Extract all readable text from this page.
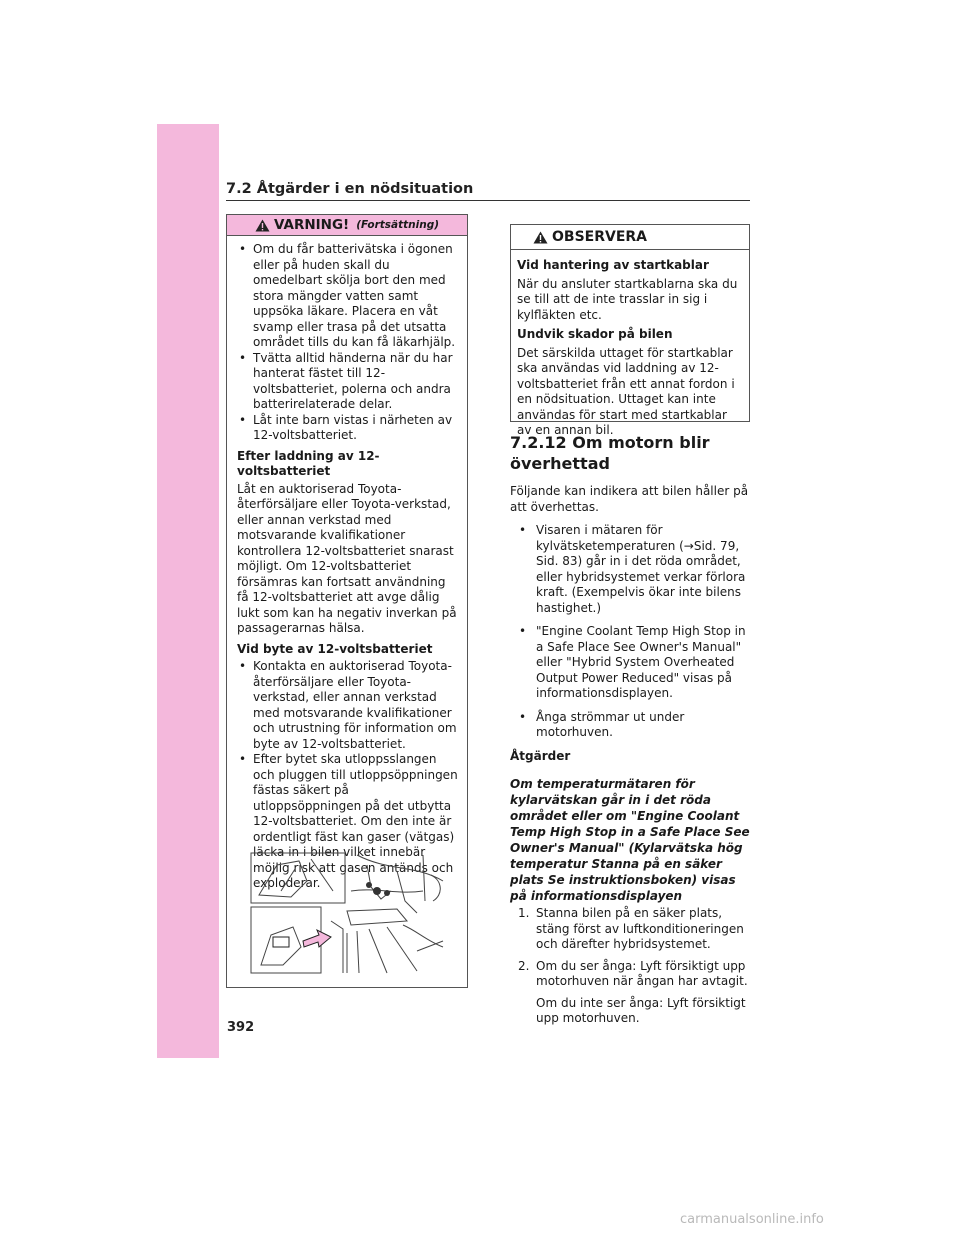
7.2 Åtgärder i en nödsituation
VARNING! (Fortsättning)
• Om du får batterivätska i ögonen eller på huden skall du omedelbart skölja bort den med stora mängder vatten samt uppsöka läkare. Placera en våt svamp eller trasa på det utsatta området tills du kan få läkarhjälp.
• Tvätta alltid händerna när du har hanterat fästet till 12-voltsbatteriet, polerna och andra batterirelaterade delar.
• Låt inte barn vistas i närheten av 12-voltsbatteriet.
Efter laddning av 12-voltsbatteriet

Låt en auktoriserad Toyota-återförsäljare eller Toyota-verkstad, eller annan verkstad med motsvarande kvalifikationer kontrollera 12-voltsbatteriet snarast möjligt. Om 12-voltsbatteriet försämras kan fortsatt användning få 12-voltsbatteriet att avge dålig lukt som kan ha negativ inverkan på passagerarnas hälsa.

Vid byte av 12-voltsbatteriet
• Kontakta en auktoriserad Toyota-återförsäljare eller Toyota-verkstad, eller annan verkstad med motsvarande kvalifikationer och utrustning för information om byte av 12-voltsbatteriet.
• Efter bytet ska utloppsslangen och pluggen till utloppsöppningen fästas säkert på utloppsöppningen på det utbytta 12-voltsbatteriet. Om den inte är ordentligt fäst kan gaser (vätgas) läcka in i bilen vilket innebär möjlig risk att gasen antänds och exploderar.
OBSERVERA
Vid hantering av startkablar

När du ansluter startkablarna ska du se till att de inte trasslar in sig i kylfläkten etc.

Undvik skador på bilen

Det särskilda uttaget för startkablar ska användas vid laddning av 12-voltsbatteriet från ett annat fordon i en nödsituation. Uttaget kan inte användas för start med startkablar av en annan bil.

7.2.12 Om motorn blir överhettad

Följande kan indikera att bilen håller på att överhettas.

• Visaren i mätaren för kylvätsketemperaturen (→Sid. 79, Sid. 83) går in i det röda området, eller hybridsystemet verkar förlora kraft. (Exempelvis ökar inte bilens hastighet.)
• "Engine Coolant Temp High Stop in a Safe Place See Owner's Manual" eller "Hybrid System Overheated Output Power Reduced" visas på informationsdisplayen.
• Ånga strömmar ut under motorhuven.
Åtgärder
Om temperaturmätaren för kylarvätskan går in i det röda området eller om "Engine Coolant Temp High Stop in a Safe Place See Owner's Manual" (Kylarvätska hög temperatur Stanna på en säker plats Se instruktionsboken) visas på informationsdisplayen
1. Stanna bilen på en säker plats, stäng först av luftkonditioneringen och därefter hybridsystemet.
2. Om du ser ånga: Lyft försiktigt upp motorhuven när ångan har avtagit.
Om du inte ser ånga: Lyft försiktigt upp motorhuven.
392
carmanualsonline.info
